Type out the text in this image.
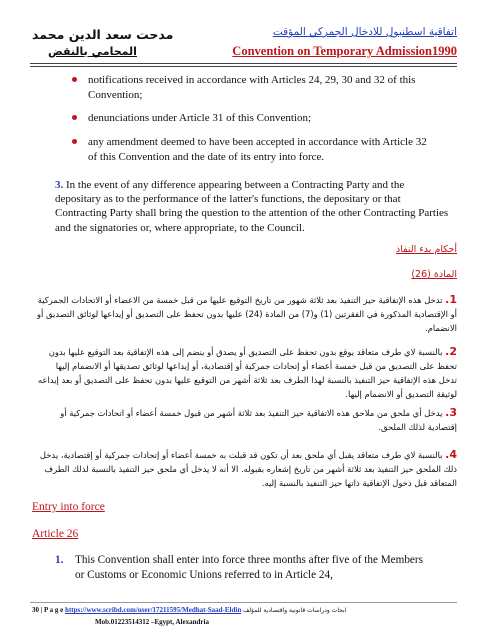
مدحت سعد الدين محمد
المحامي بالنقض
اتفاقية اسطنبول للادخال الجمركي المؤقت
Convention on Temporary Admission1990
notifications received in accordance with Articles 24, 29, 30 and 32 of this Convention;
denunciations under Article 31 of this Convention;
any amendment deemed to have been accepted in accordance with Article 32 of this Convention and the date of its entry into force.
3. In the event of any difference appearing between a Contracting Party and the depositary as to the performance of the latter's functions, the depositary or that Contracting Party shall bring the question to the attention of the other Contracting Parties and the signatories or, where appropriate, to the Council.
أحكام بدء النفاذ
المادة (26)
1. تدخل هذه الإتفاقية حيز التنفيذ بعد ثلاثة شهور من تاريخ التوقيع عليها من قبل خمسة من الاعضاء أو الاتحادات الجمركية أو الإقتصادية المذكورة في الفقرتين (1) و(7) من المادة (24) عليها بدون تحفظ على التصديق أو إيداعها لوثائق التصديق أو الانضمام.
2. بالنسبة لاي طرف متعاقد يوقع بدون تحفظ على التصديق أو يصدق أو ينضم إلى هذه الإتفاقية بعد التوقيع عليها بدون تحفظ على التصديق من قبل خمسة أعضاء أو إتحادات جمركية أو إقتصادية، أو إيداعها لوثائق تصديقها أو الانضمام إليها تدخل هذه الإتفاقية حيز التنفيذ بالنسبة لهذا الطرف بعد ثلاثة أشهر من التوقيع عليها بدون تحفظ على التصديق أو بعد إيداعه لوثيقة التصديق أو الانضمام إليها.
3. يدخل أي ملحق من ملاحق هذه الاتفاقية حيز التنفيذ بعد ثلاثة أشهر من قبول خمسة أعضاء أو اتحادات جمركية أو إقتصادية لذلك الملحق.
4. بالنسبة لاي طرف متعاقد يقبل أي ملحق بعد أن تكون قد قبلت به خمسة أعضاء أو إتحادات جمركية أو إقتصادية، يدخل ذلك الملحق حيز التنفيذ بعد ثلاثة أشهر من تاريخ إشعاره بقبوله. الا أنه لا يدخل أي ملحق حيز التنفيذ بالنسبة لذلك الطرف المتعاقد قبل دخول الإتفاقية ذاتها حيز التنفيذ بالنسبة إليه.
Entry into force
Article 26
1. This Convention shall enter into force three months after five of the Members or Customs or Economic Unions referred to in Article 24,
30 | P a g e https://www.scribd.com/user/17211595/Medhat-Saad-Eldin ابحاث ودراسات قانونية واقتصادية للمؤلف
Mob.01223514312 –Egypt, Alexandria
